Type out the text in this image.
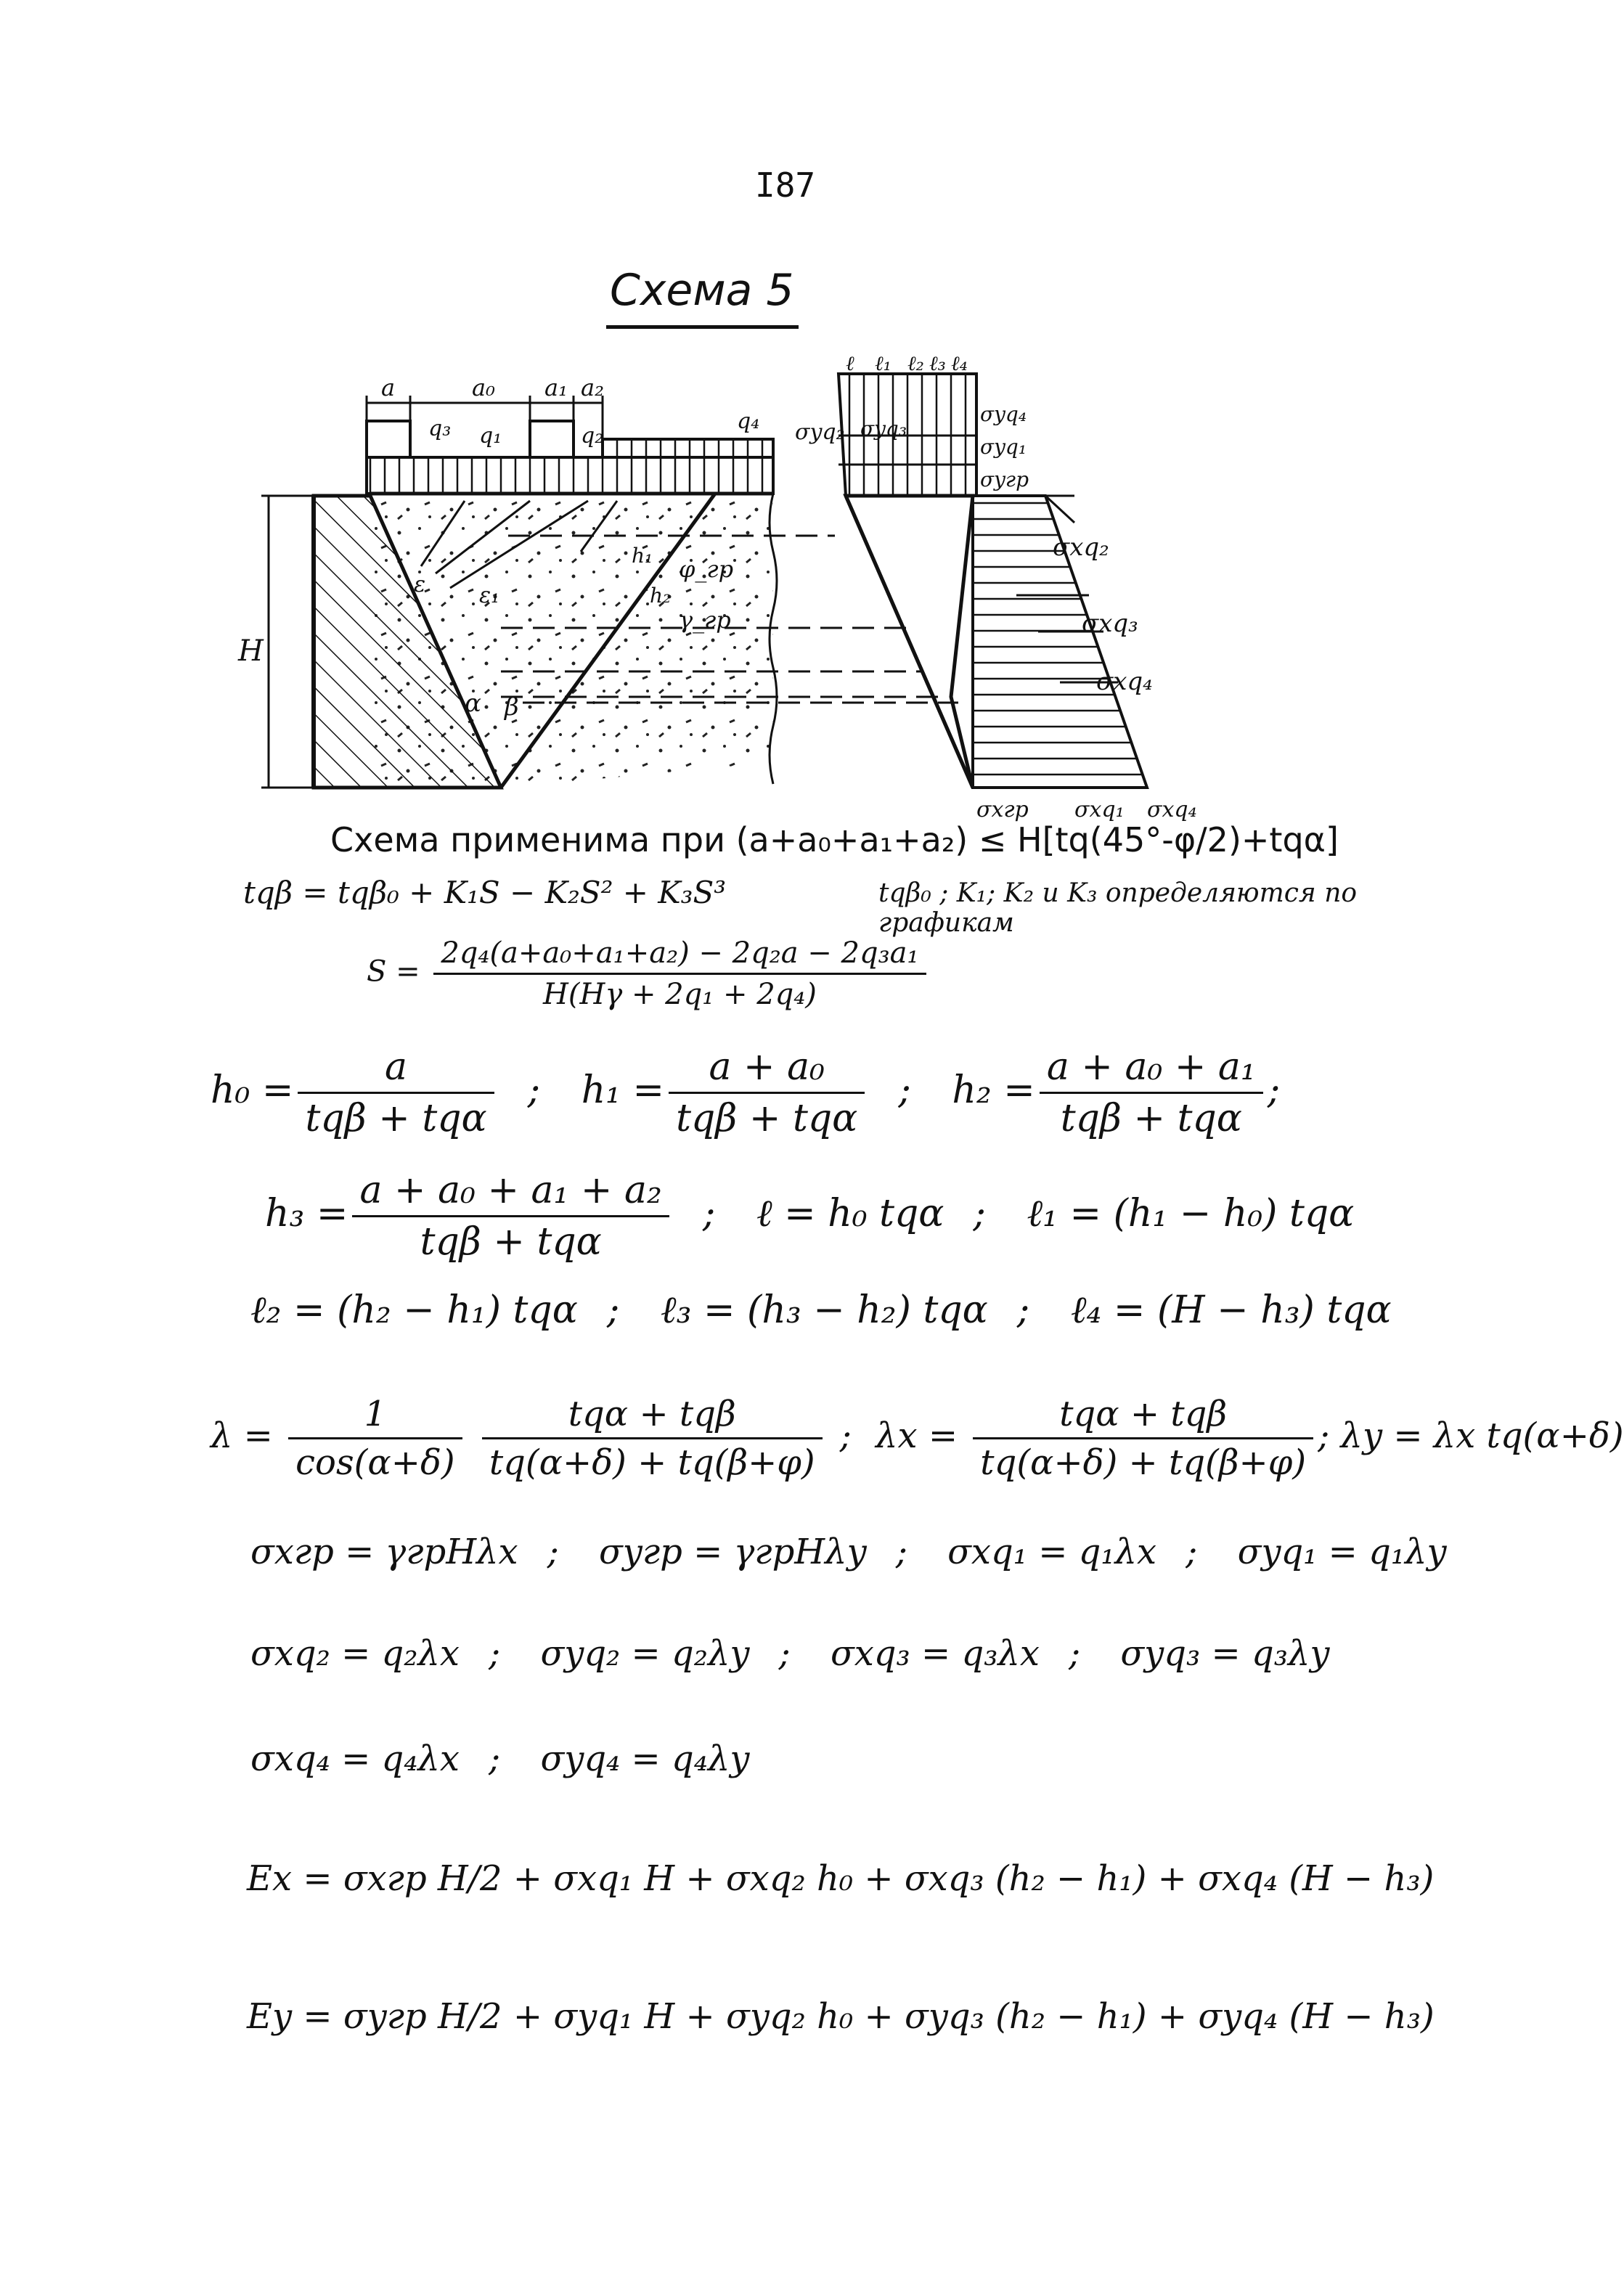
I87
Схема 5
H
a	a₀ a₁ a₂
q₃ q₁	q₂
q₄
α β
ε ε₁
φ_гр
γ_гр
h₁
h₂
ℓ ℓ₁ ℓ₂ ℓ₃ ℓ₄
σyq₂ σyq₃
σyq₄
σyq₁
σyгр
σxq₂
σxq₃
σxq₄
σxгр σxq₁ σxq₄
Схема применима при (a+a₀+a₁+a₂) ≤ H[tq(45°-φ/2)+tqα]
tqβ = tqβ₀ + K₁S − K₂S² + K₃S³	tqβ₀ ; K₁; K₂ и K₃ определяются по графикам
$S = \frac{\text{2q₄(a+a₀+a₁+a₂) − 2q₂a − 2q₃a₁}}{\text{H(Hγ + 2q₁ + 2q₄)}}$
$h_0 = \frac{a}{\text{tqβ + tqα}}$ ; $h_1 = \frac{\text{a + a₀}}{\text{tqβ + tqα}}$ ; $h_2 = \frac{\text{a + a₀ + a₁}}{\text{tqβ + tqα}}$ ;
$h_3 = \frac{\text{a + a₀ + a₁ + a₂}}{\text{tqβ + tqα}}$ ; ℓ = h₀ tqα ; ℓ₁ = (h₁ − h₀) tqα
ℓ₂ = (h₂ − h₁) tqα ; ℓ₃ = (h₃ − h₂) tqα ; ℓ₄ = (H − h₃) tqα
$\lambda = \frac{1}{\cos(\alpha+\delta)}$
$\frac{\text{tqα + tqβ}}{tq(\alpha+\delta) + tq(\beta+\varphi)}$ ; $\lambda x = \frac{\text{tqα + tqβ}}{tq(\alpha+\delta) + tq(\beta+\varphi)}$ ; λy = λx tq(α+δ)
σxгр = γгрHλx ; σyгр = γгрHλy ; σxq₁ = q₁λx ; σyq₁ = q₁λy
σxq₂ = q₂λx ; σyq₂ = q₂λy ; σxq₃ = q₃λx ; σyq₃ = q₃λy
σxq₄ = q₄λx ; σyq₄ = q₄λy
Ex = σxгр H/2 + σxq₁ H + σxq₂ h₀ + σxq₃ (h₂ − h₁) + σxq₄ (H − h₃)
Ey = σyгр H/2 + σyq₁ H + σyq₂ h₀ + σyq₃ (h₂ − h₁) + σyq₄ (H − h₃)
